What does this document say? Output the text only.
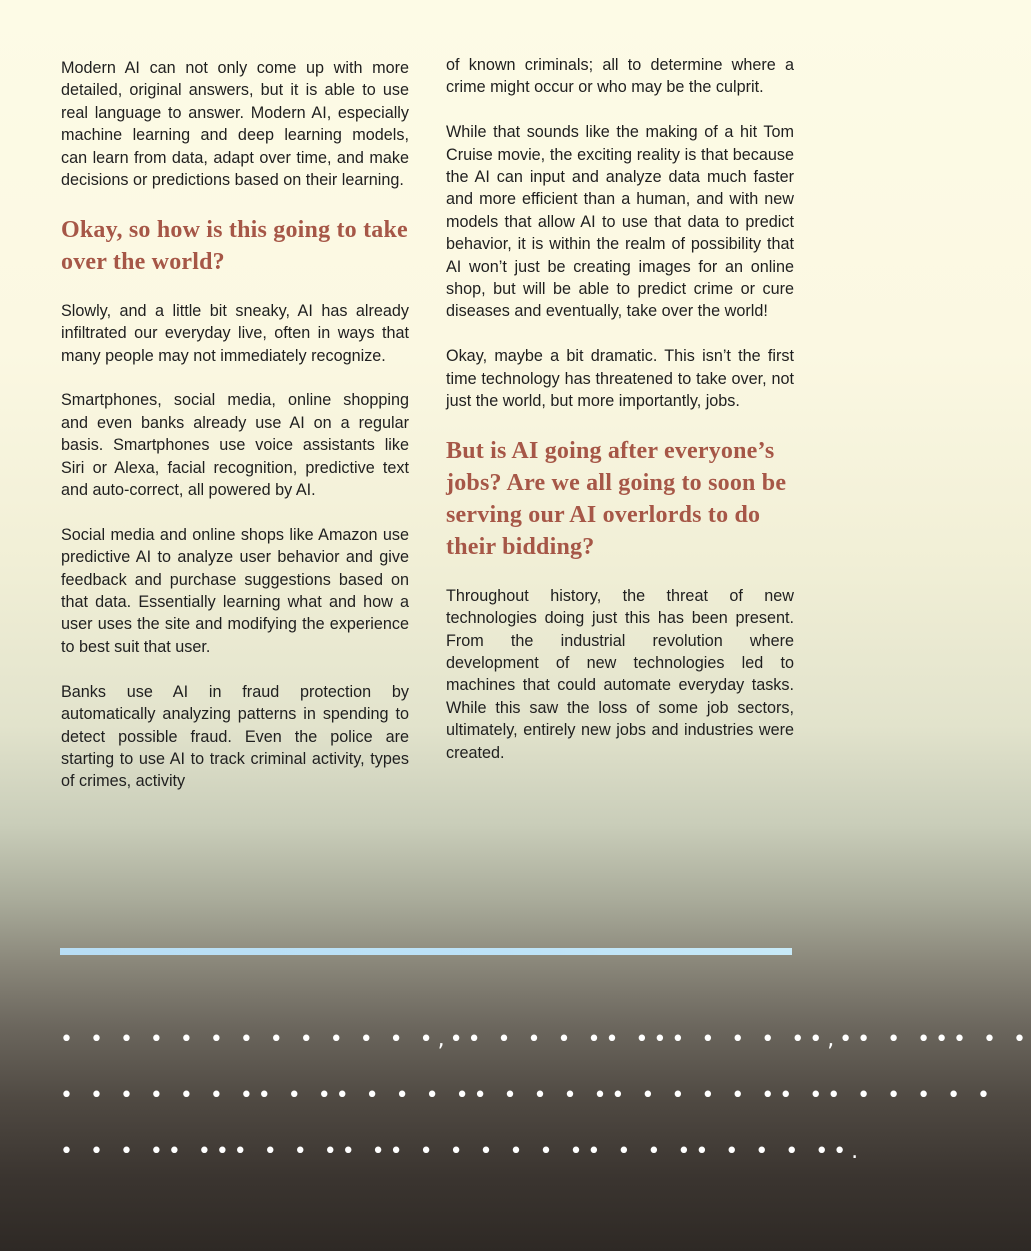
Modern AI can not only come up with more detailed, original answers, but it is able to use real language to answer. Modern AI, especially machine learning and deep learning models, can learn from data, adapt over time, and make decisions or predictions based on their learning.

Okay, so how is this going to take over the world?

Slowly, and a little bit sneaky, AI has already infiltrated our everyday live, often in ways that many people may not immediately recognize.

Smartphones, social media, online shopping and even banks already use AI on a regular basis. Smartphones use voice assistants like Siri or Alexa, facial recognition, predictive text and auto-correct, all powered by AI.

Social media and online shops like Amazon use predictive AI to analyze user behavior and give feedback and purchase suggestions based on that data. Essentially learning what and how a user uses the site and modifying the experience to best suit that user.

Banks use AI in fraud protection by automatically analyzing patterns in spending to detect possible fraud. Even the police are starting to use AI to track criminal activity, types of crimes, activity

of known criminals; all to determine where a crime might occur or who may be the culprit.

While that sounds like the making of a hit Tom Cruise movie, the exciting reality is that because the AI can input and analyze data much faster and more efficient than a human, and with new models that allow AI to use that data to predict behavior, it is within the realm of possibility that AI won’t just be creating images for an online shop, but will be able to predict crime or cure diseases and eventually, take over the world!

Okay, maybe a bit dramatic. This isn’t the first time technology has threatened to take over, not just the world, but more importantly, jobs.

But is AI going after everyone’s jobs? Are we all going to soon be serving our AI overlords to do their bidding?

Throughout history, the threat of new technologies doing just this has been present. From the industrial revolution where development of new technologies led to machines that could automate everyday tasks. While this saw the loss of some job sectors, ultimately, entirely new jobs and industries were created.

• • • • • • • • • • • • •,•• • • • •• ••• • • • ••,•• • ••• • •
• • • • • • •• • •• • • • •• • • • •• • • • • •• •• • • • • •
• • • •• ••• • • •• •• • • • • • •• • • •• • • • ••.
